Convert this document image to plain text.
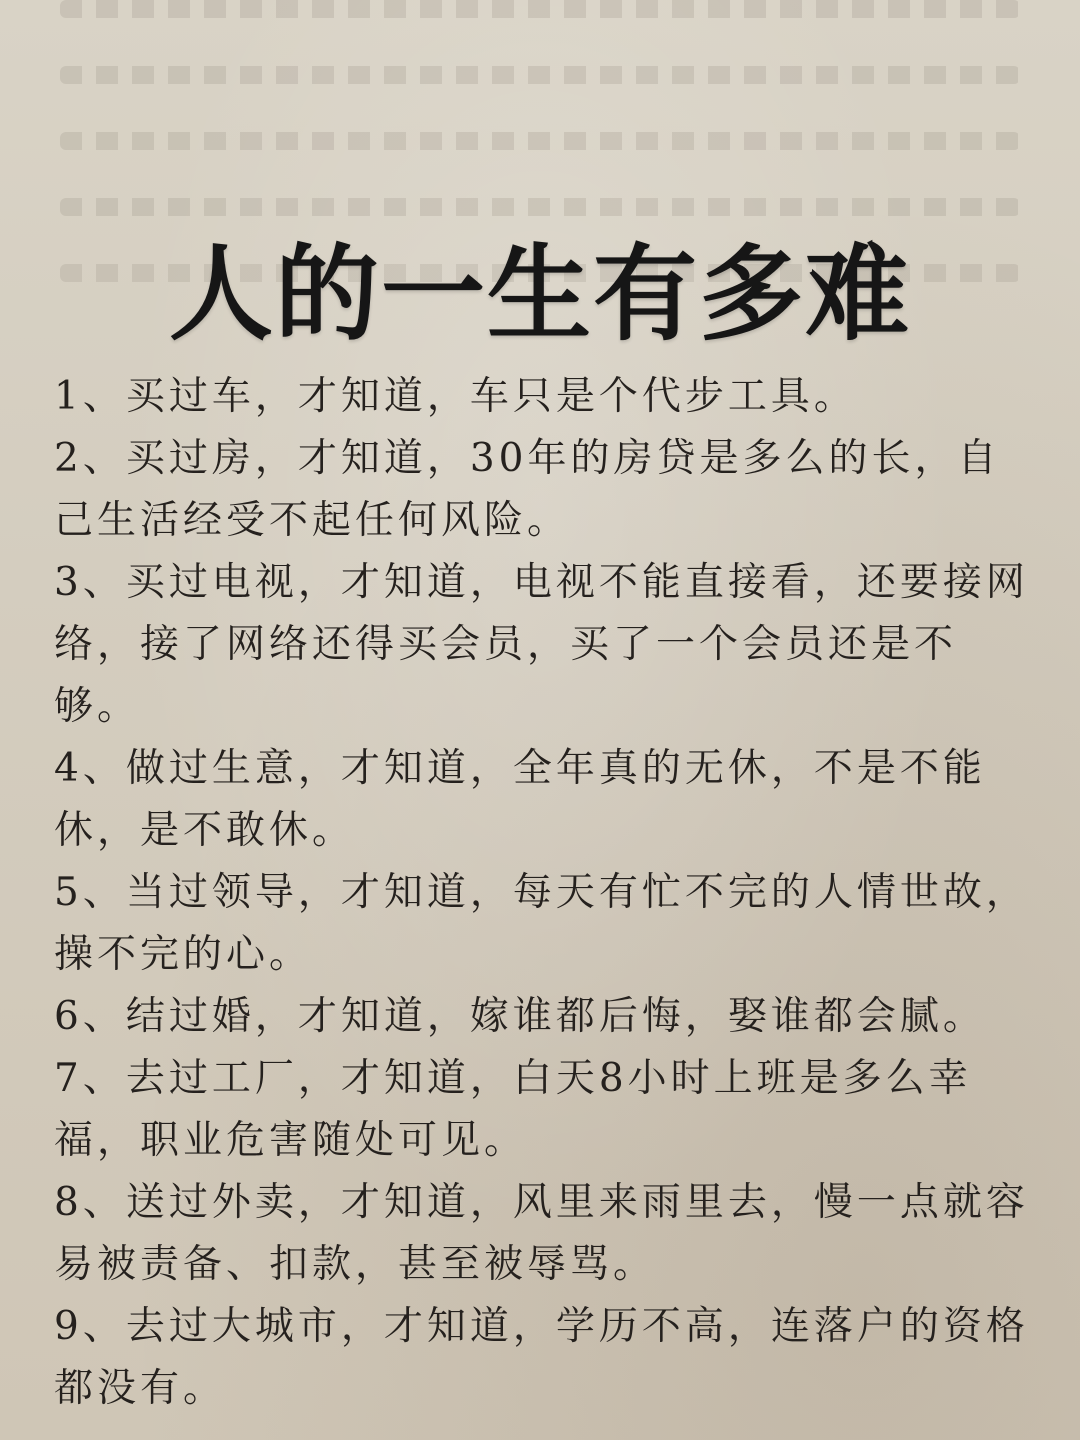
人的一生有多难
1、买过车，才知道，车只是个代步工具。
2、买过房，才知道，30年的房贷是多么的长，自己生活经受不起任何风险。
3、买过电视，才知道，电视不能直接看，还要接网络，接了网络还得买会员，买了一个会员还是不够。
4、做过生意，才知道，全年真的无休，不是不能休，是不敢休。
5、当过领导，才知道，每天有忙不完的人情世故，操不完的心。
6、结过婚，才知道，嫁谁都后悔，娶谁都会腻。
7、去过工厂，才知道，白天8小时上班是多么幸福，职业危害随处可见。
8、送过外卖，才知道，风里来雨里去，慢一点就容易被责备、扣款，甚至被辱骂。
9、去过大城市，才知道，学历不高，连落户的资格都没有。
